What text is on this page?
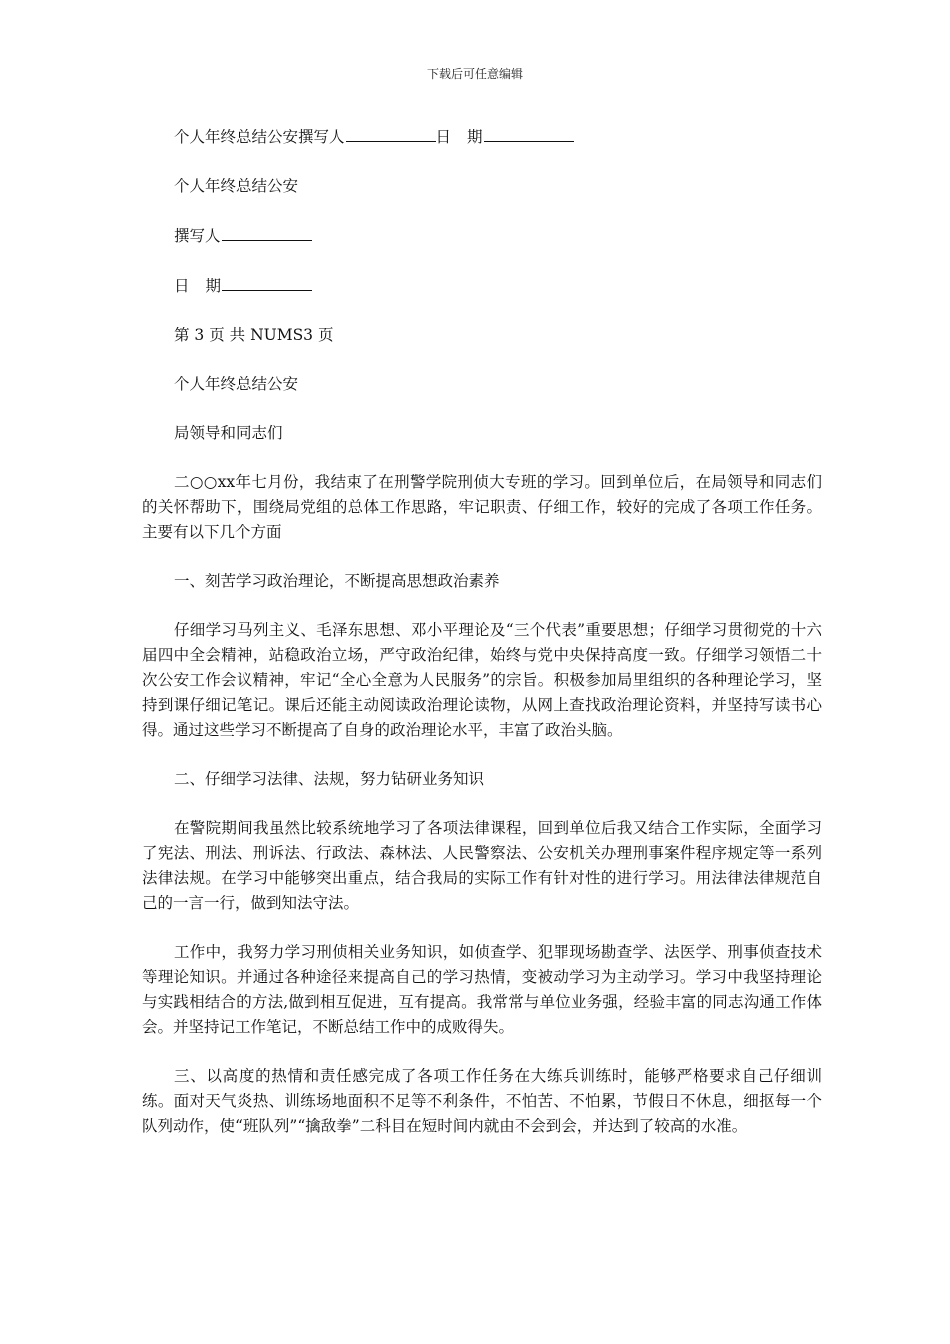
下载后可任意编辑
个人年终总结公安撰写人	日 期
个人年终总结公安
撰写人
日 期
第 3 页 共 NUMS3 页
个人年终总结公安
局领导和同志们

二○○xx年七月份，我结束了在刑警学院刑侦大专班的学习。回到单位后，在局领导和同志们的关怀帮助下，围绕局党组的总体工作思路，牢记职责、仔细工作，较好的完成了各项工作任务。主要有以下几个方面

一、刻苦学习政治理论，不断提高思想政治素养

仔细学习马列主义、毛泽东思想、邓小平理论及“三个代表”重要思想；仔细学习贯彻党的十六届四中全会精神，站稳政治立场，严守政治纪律，始终与党中央保持高度一致。仔细学习领悟二十次公安工作会议精神，牢记“全心全意为人民服务”的宗旨。积极参加局里组织的各种理论学习，坚持到课仔细记笔记。课后还能主动阅读政治理论读物，从网上查找政治理论资料，并坚持写读书心得。通过这些学习不断提高了自身的政治理论水平，丰富了政治头脑。

二、仔细学习法律、法规，努力钻研业务知识

在警院期间我虽然比较系统地学习了各项法律课程，回到单位后我又结合工作实际，全面学习了宪法、刑法、刑诉法、行政法、森林法、人民警察法、公安机关办理刑事案件程序规定等一系列法律法规。在学习中能够突出重点，结合我局的实际工作有针对性的进行学习。用法律法律规范自己的一言一行，做到知法守法。

工作中，我努力学习刑侦相关业务知识，如侦查学、犯罪现场勘查学、法医学、刑事侦查技术等理论知识。并通过各种途径来提高自己的学习热情，变被动学习为主动学习。学习中我坚持理论与实践相结合的方法,做到相互促进，互有提高。我常常与单位业务强，经验丰富的同志沟通工作体会。并坚持记工作笔记，不断总结工作中的成败得失。

三、以高度的热情和责任感完成了各项工作任务在大练兵训练时，能够严格要求自己仔细训练。面对天气炎热、训练场地面积不足等不利条件，不怕苦、不怕累，节假日不休息，细抠每一个队列动作，使“班队列”“擒敌拳”二科目在短时间内就由不会到会，并达到了较高的水准。
